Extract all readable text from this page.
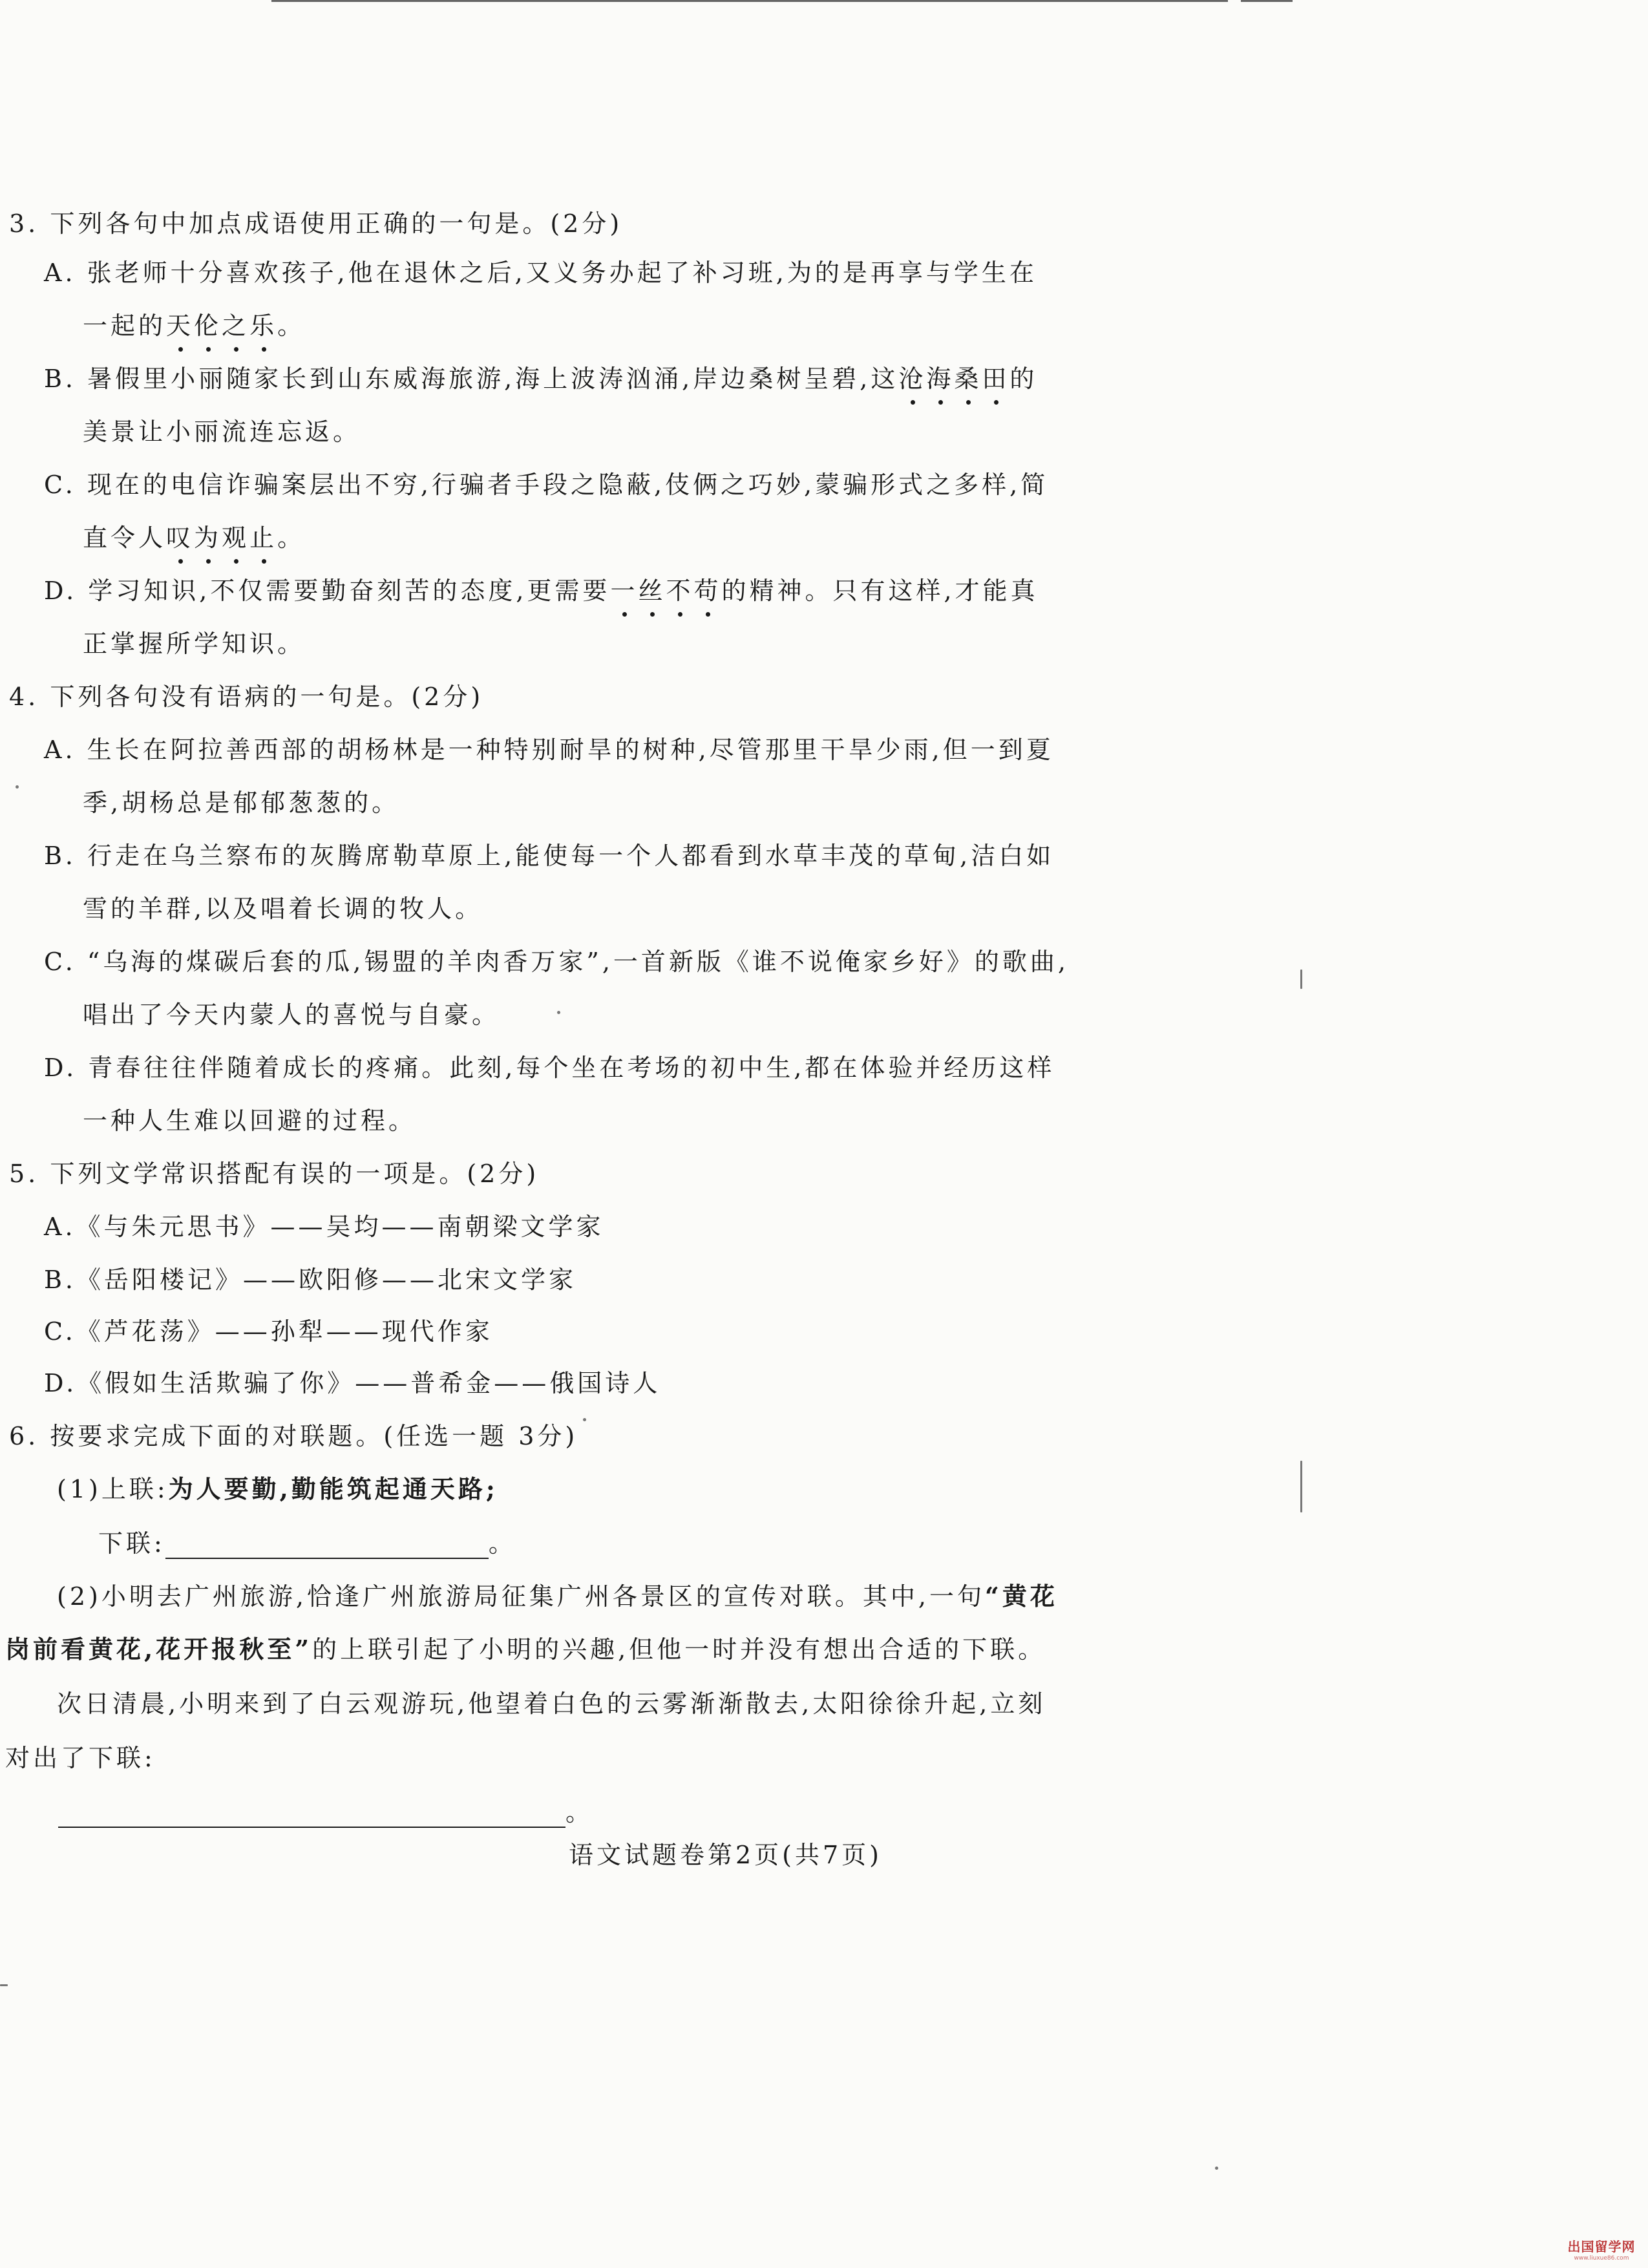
3. 下列各句中加点成语使用正确的一句是。(2分)
A. 张老师十分喜欢孩子,他在退休之后,又义务办起了补习班,为的是再享与学生在
一起的天伦之乐。
B. 暑假里小丽随家长到山东威海旅游,海上波涛汹涌,岸边桑树呈碧,这沧海桑田的
美景让小丽流连忘返。
C. 现在的电信诈骗案层出不穷,行骗者手段之隐蔽,伎俩之巧妙,蒙骗形式之多样,简
直令人叹为观止。
D. 学习知识,不仅需要勤奋刻苦的态度,更需要一丝不苟的精神。只有这样,才能真
正掌握所学知识。
4. 下列各句没有语病的一句是。(2分)
A. 生长在阿拉善西部的胡杨林是一种特别耐旱的树种,尽管那里干旱少雨,但一到夏
季,胡杨总是郁郁葱葱的。
B. 行走在乌兰察布的灰腾席勒草原上,能使每一个人都看到水草丰茂的草甸,洁白如
雪的羊群,以及唱着长调的牧人。
C. “乌海的煤碳后套的瓜,锡盟的羊肉香万家”,一首新版《谁不说俺家乡好》的歌曲,
唱出了今天内蒙人的喜悦与自豪。
D. 青春往往伴随着成长的疼痛。此刻,每个坐在考场的初中生,都在体验并经历这样
一种人生难以回避的过程。
5. 下列文学常识搭配有误的一项是。(2分)
A.《与朱元思书》——吴均——南朝梁文学家
B.《岳阳楼记》——欧阳修——北宋文学家
C.《芦花荡》——孙犁——现代作家
D.《假如生活欺骗了你》——普希金——俄国诗人
6. 按要求完成下面的对联题。(任选一题 3分)
(1)上联:为人要勤,勤能筑起通天路;
下联:	。
(2)小明去广州旅游,恰逢广州旅游局征集广州各景区的宣传对联。其中,一句“黄花
岗前看黄花,花开报秋至”的上联引起了小明的兴趣,但他一时并没有想出合适的下联。
次日清晨,小明来到了白云观游玩,他望着白色的云雾渐渐散去,太阳徐徐升起,立刻
对出了下联:
。
语文试题卷第2页(共7页)
出国留学网
www.liuxue86.com
